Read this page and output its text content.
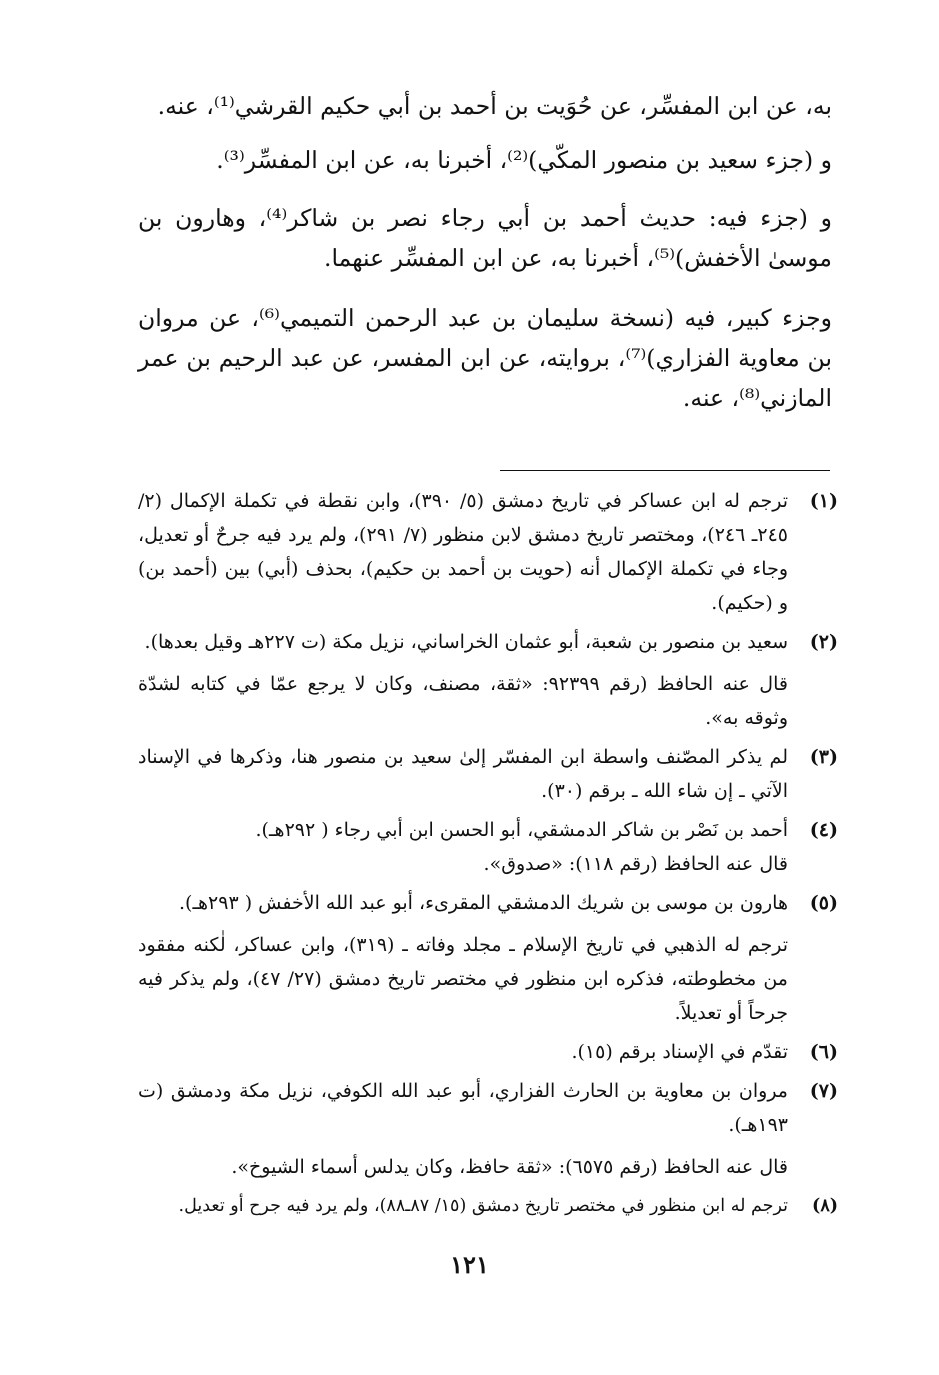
به، عن ابن المفسِّر، عن حُوَيت بن أحمد بن أبي حكيم القرشي⁽¹⁾، عنه.

و (جزء سعيد بن منصور المكّي)⁽²⁾، أخبرنا به، عن ابن المفسِّر⁽³⁾.

و (جزء فيه: حديث أحمد بن أبي رجاء نصر بن شاكر⁽⁴⁾، وهارون بن موسىٰ الأخفش)⁽⁵⁾، أخبرنا به، عن ابن المفسِّر عنهما.

وجزء كبير، فيه (نسخة سليمان بن عبد الرحمن التميمي⁽⁶⁾، عن مروان بن معاوية الفزاري)⁽⁷⁾، بروايته، عن ابن المفسر، عن عبد الرحيم بن عمر المازني⁽⁸⁾، عنه.

(١)

ترجم له ابن عساكر في تاريخ دمشق (٥/ ٣٩٠)، وابن نقطة في تكملة الإكمال (٢/ ٢٤٥ـ ٢٤٦)، ومختصر تاريخ دمشق لابن منظور (٧/ ٢٩١)، ولم يرد فيه جرحٌ أو تعديل، وجاء في تكملة الإكمال أنه (حويت بن أحمد بن حكيم)، بحذف (أبي) بين (أحمد بن) و (حكيم).

(٢)

سعيد بن منصور بن شعبة، أبو عثمان الخراساني، نزيل مكة (ت ٢٢٧هـ وقيل بعدها).

قال عنه الحافظ (رقم ٩٢٣٩٩: «ثقة، مصنف، وكان لا يرجع عمّا في كتابه لشدّة وثوقه به».

(٣)

لم يذكر المصّنف واسطة ابن المفسّر إلىٰ سعيد بن منصور هنا، وذكرها في الإسناد الآتي ـ إن شاء الله ـ برقم (٣٠).

(٤)

أحمد بن نَصْر بن شاكر الدمشقي، أبو الحسن ابن أبي رجاء ( ٢٩٢هـ).

قال عنه الحافظ (رقم ١١٨): «صدوق».

(٥)

هارون بن موسى بن شريك الدمشقي المقرىء، أبو عبد الله الأخفش ( ٢٩٣هـ).

ترجم له الذهبي في تاريخ الإسلام ـ مجلد وفاته ـ (٣١٩)، وابن عساكر، لٰكنه مفقود من مخطوطته، فذكره ابن منظور في مختصر تاريخ دمشق (٢٧/ ٤٧)، ولم يذكر فيه جرحاً أو تعديلاً.

(٦)

تقدّم في الإسناد برقم (١٥).

(٧)

مروان بن معاوية بن الحارث الفزاري، أبو عبد الله الكوفي، نزيل مكة ودمشق (ت ١٩٣هـ).

قال عنه الحافظ (رقم ٦٥٧٥): «ثقة حافظ، وكان يدلس أسماء الشيوخ».

(٨)

ترجم له ابن منظور في مختصر تاريخ دمشق (١٥/ ٨٧ـ٨٨)، ولم يرد فيه جرح أو تعديل.

١٢١
